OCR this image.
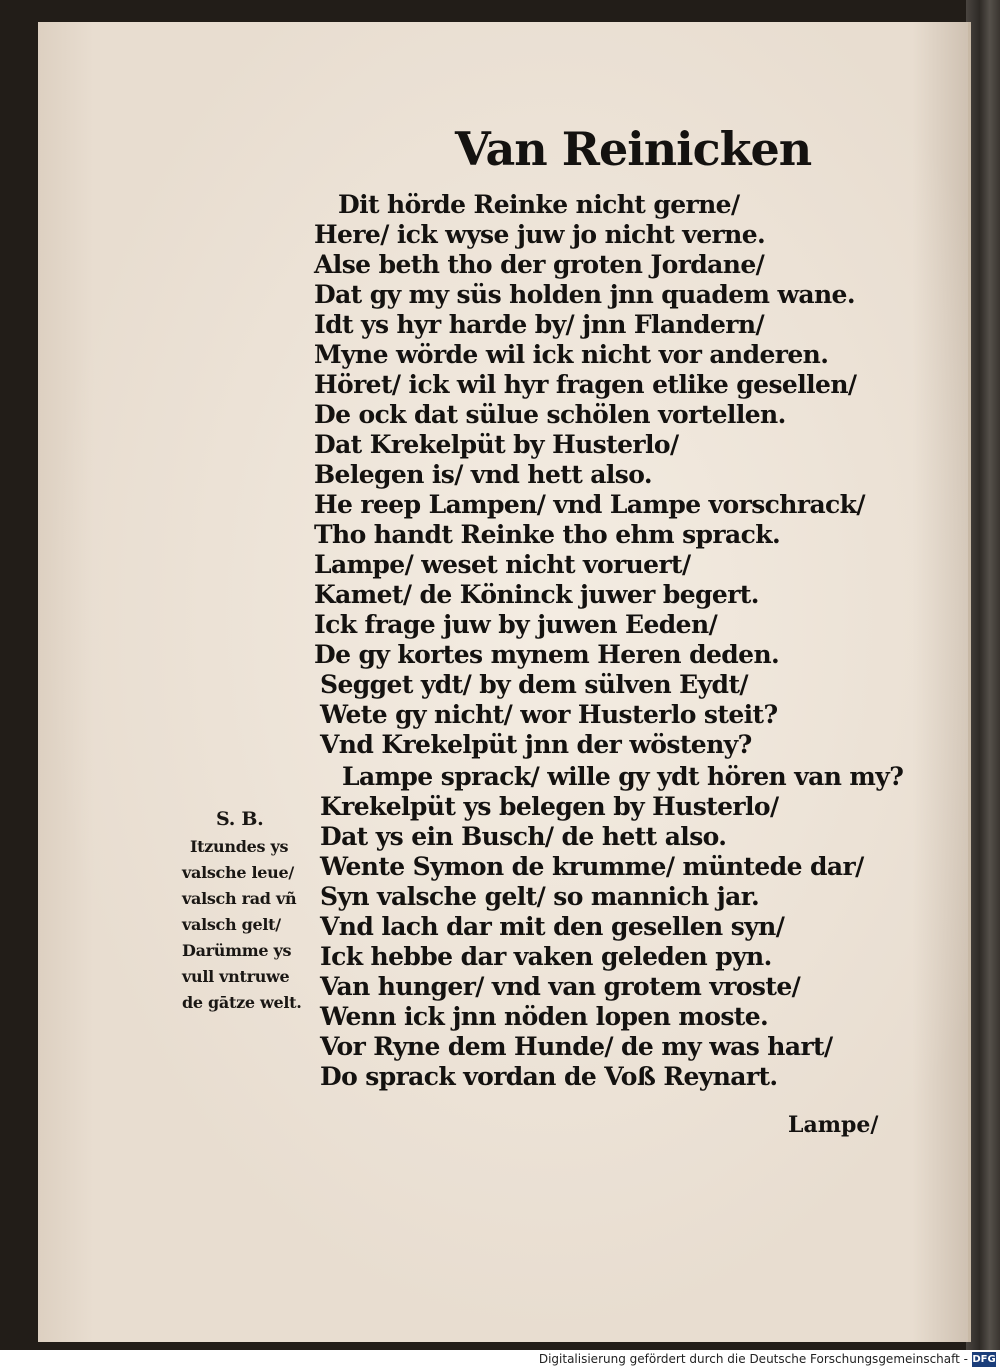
Van Reinicken
Dit hörde Reinke nicht gerne/
Here/ ick wyse juw jo nicht verne.
Alse beth tho der groten Jordane/
Dat gy my süs holden jnn quadem wane.
Idt ys hyr harde by/ jnn Flandern/
Myne wörde wil ick nicht vor anderen.
Höret/ ick wil hyr fragen etlike gesellen/
De ock dat sülue schölen vortellen.
Dat Krekelpüt by Husterlo/
Belegen is/ vnd hett also.
He reep Lampen/ vnd Lampe vorschrack/
Tho handt Reinke tho ehm sprack.
Lampe/ weset nicht voruert/
Kamet/ de Köninck juwer begert.
Ick frage juw by juwen Eeden/
De gy kortes mynem Heren deden.
Segget ydt/ by dem sülven Eydt/
Wete gy nicht/ wor Husterlo steit?
Vnd Krekelpüt jnn der wösteny?
Lampe sprack/ wille gy ydt hören van my?
Krekelpüt ys belegen by Husterlo/
Dat ys ein Busch/ de hett also.
Wente Symon de krumme/ müntede dar/
Syn valsche gelt/ so mannich jar.
Vnd lach dar mit den gesellen syn/
Ick hebbe dar vaken geleden pyn.
Van hunger/ vnd van grotem vroste/
Wenn ick jnn nöden lopen moste.
Vor Ryne dem Hunde/ de my was hart/
Do sprack vordan de Voß Reynart.
S. B.
Itzundes ys
valsche leue/
valsch rad vñ
valsch gelt/
Darümme ys
vull vntruwe
de gātze welt.
Lampe/
Digitalisierung gefördert durch die Deutsche Forschungsgemeinschaft - DFG
